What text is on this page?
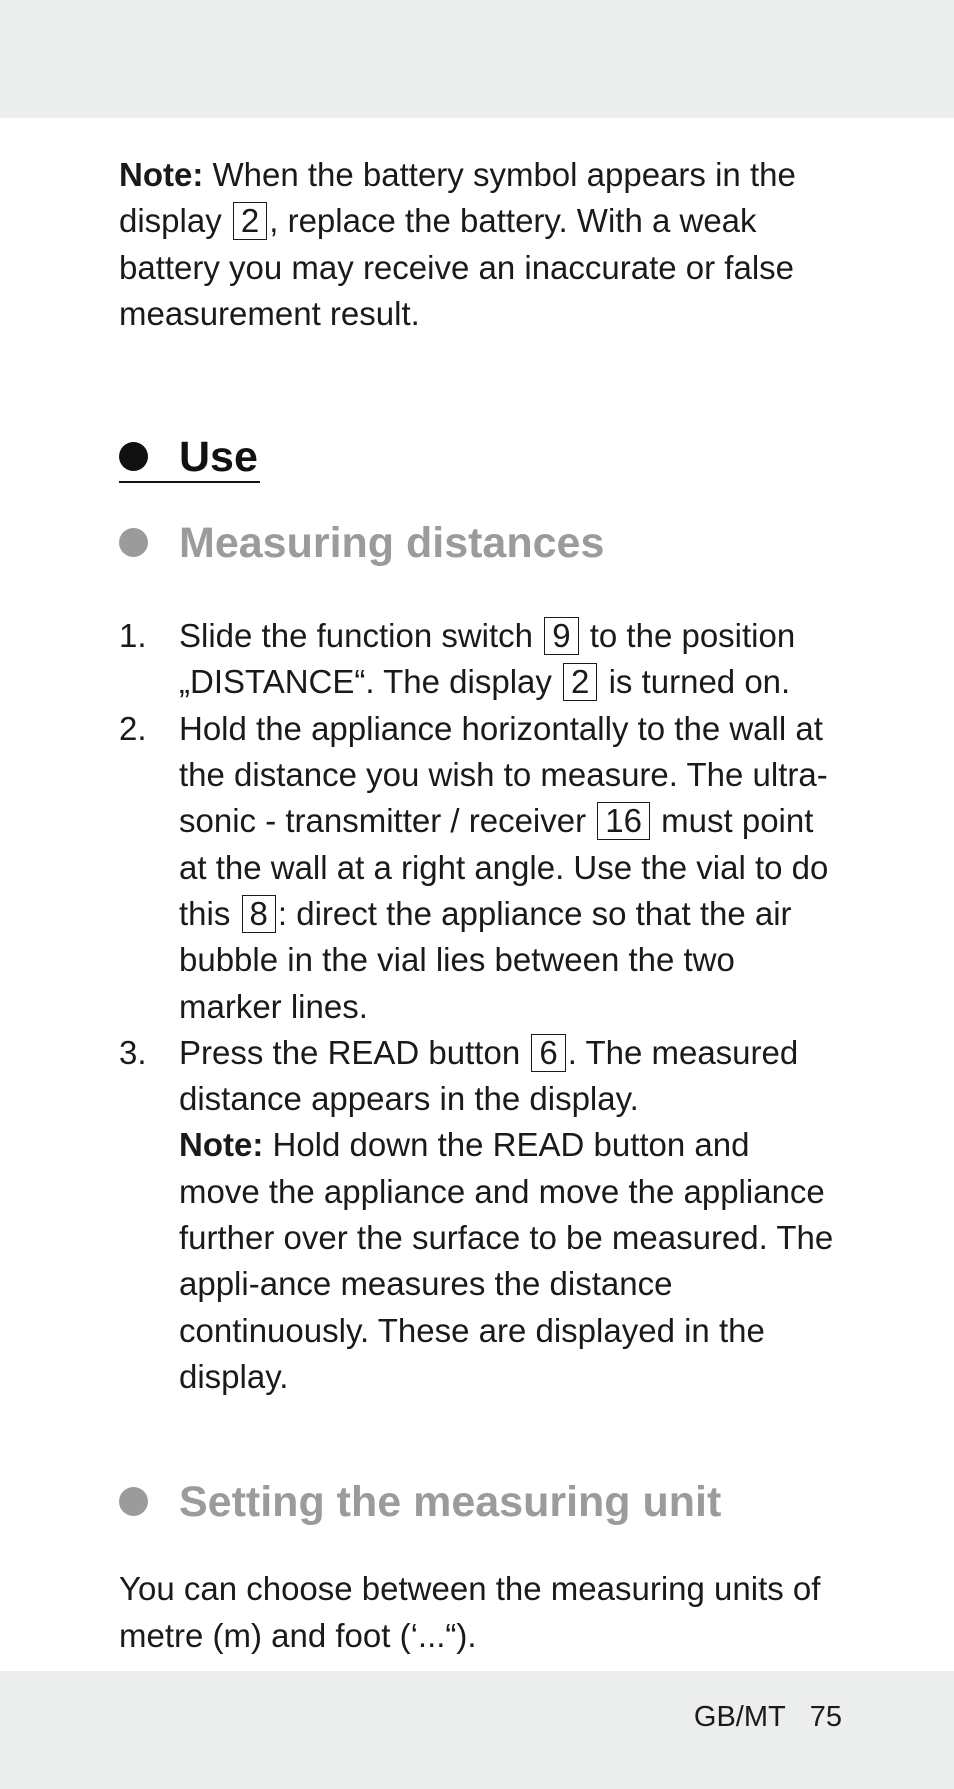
Note: When the battery symbol appears in the display 2 , replace the battery. With a weak battery you may receive an inaccurate or false measurement result.

Use
Measuring distances
1. Slide the function switch 9 to the position „DISTANCE“. The display 2 is turned on.
2. Hold the appliance horizontally to the wall at the distance you wish to measure. The ultra-sonic - transmitter / receiver 16 must point at the wall at a right angle. Use the vial to do this 8 : direct the appliance so that the air bubble in the vial lies between the two marker lines.
3. Press the READ button 6 . The measured distance appears in the display.
Note: Hold down the READ button and move the appliance and move the appliance further over the surface to be measured. The appli-ance measures the distance continuously. These are displayed in the display.
Setting the measuring unit

You can choose between the measuring units of metre (m) and foot (‘...“).

GB/MT 75
